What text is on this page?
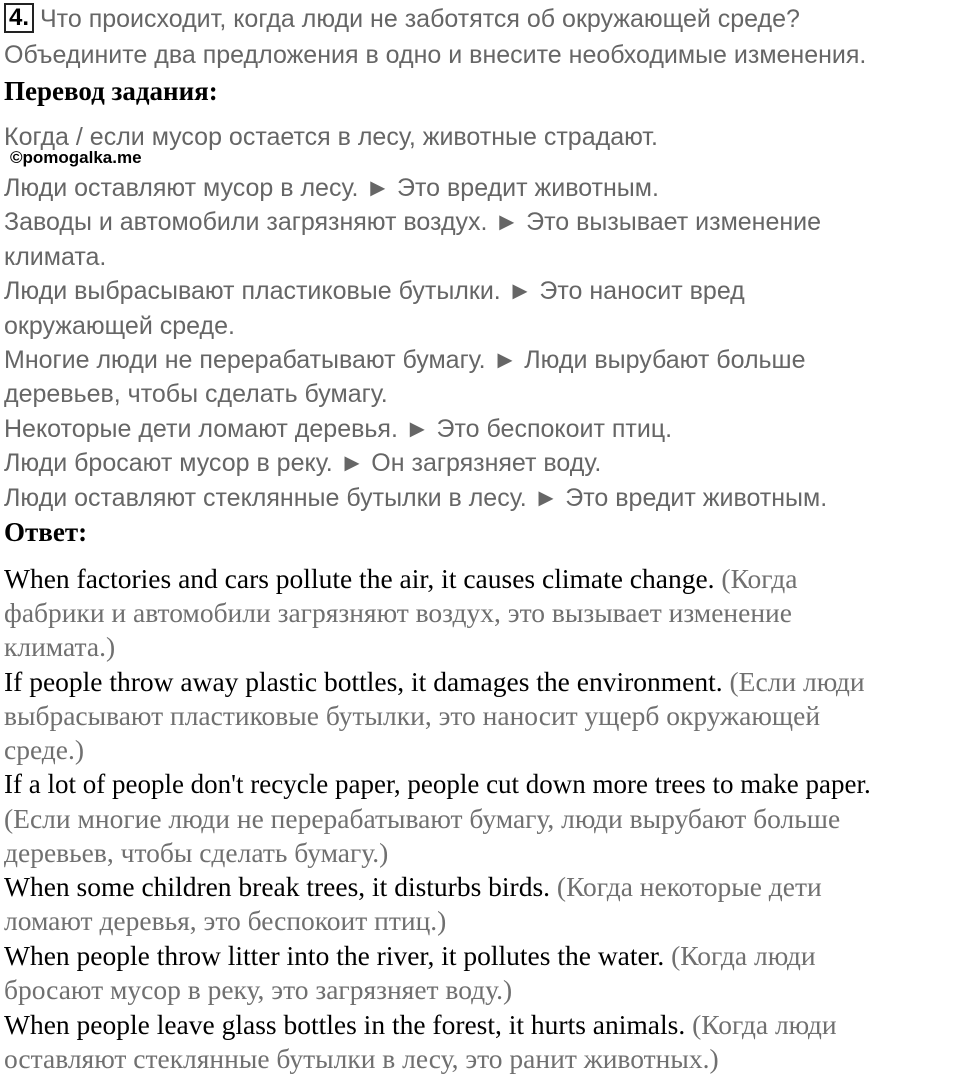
4. Что происходит, когда люди не заботятся об окружающей среде?
Объедините два предложения в одно и внесите необходимые изменения.
Перевод задания:
Когда / если мусор остается в лесу, животные страдают.
©pomogalka.me
Люди оставляют мусор в лесу. ► Это вредит животным.
Заводы и автомобили загрязняют воздух. ► Это вызывает изменение
климата.
Люди выбрасывают пластиковые бутылки. ► Это наносит вред
окружающей среде.
Многие люди не перерабатывают бумагу. ► Люди вырубают больше
деревьев, чтобы сделать бумагу.
Некоторые дети ломают деревья. ► Это беспокоит птиц.
Люди бросают мусор в реку. ► Он загрязняет воду.
Люди оставляют стеклянные бутылки в лесу. ► Это вредит животным.
Ответ:
When factories and cars pollute the air, it causes climate change. (Когда
фабрики и автомобили загрязняют воздух, это вызывает изменение
климата.)
If people throw away plastic bottles, it damages the environment. (Если люди
выбрасывают пластиковые бутылки, это наносит ущерб окружающей
среде.)
If a lot of people don't recycle paper, people cut down more trees to make paper.
(Если многие люди не перерабатывают бумагу, люди вырубают больше
деревьев, чтобы сделать бумагу.)
When some children break trees, it disturbs birds. (Когда некоторые дети
ломают деревья, это беспокоит птиц.)
When people throw litter into the river, it pollutes the water. (Когда люди
бросают мусор в реку, это загрязняет воду.)
When people leave glass bottles in the forest, it hurts animals. (Когда люди
оставляют стеклянные бутылки в лесу, это ранит животных.)
